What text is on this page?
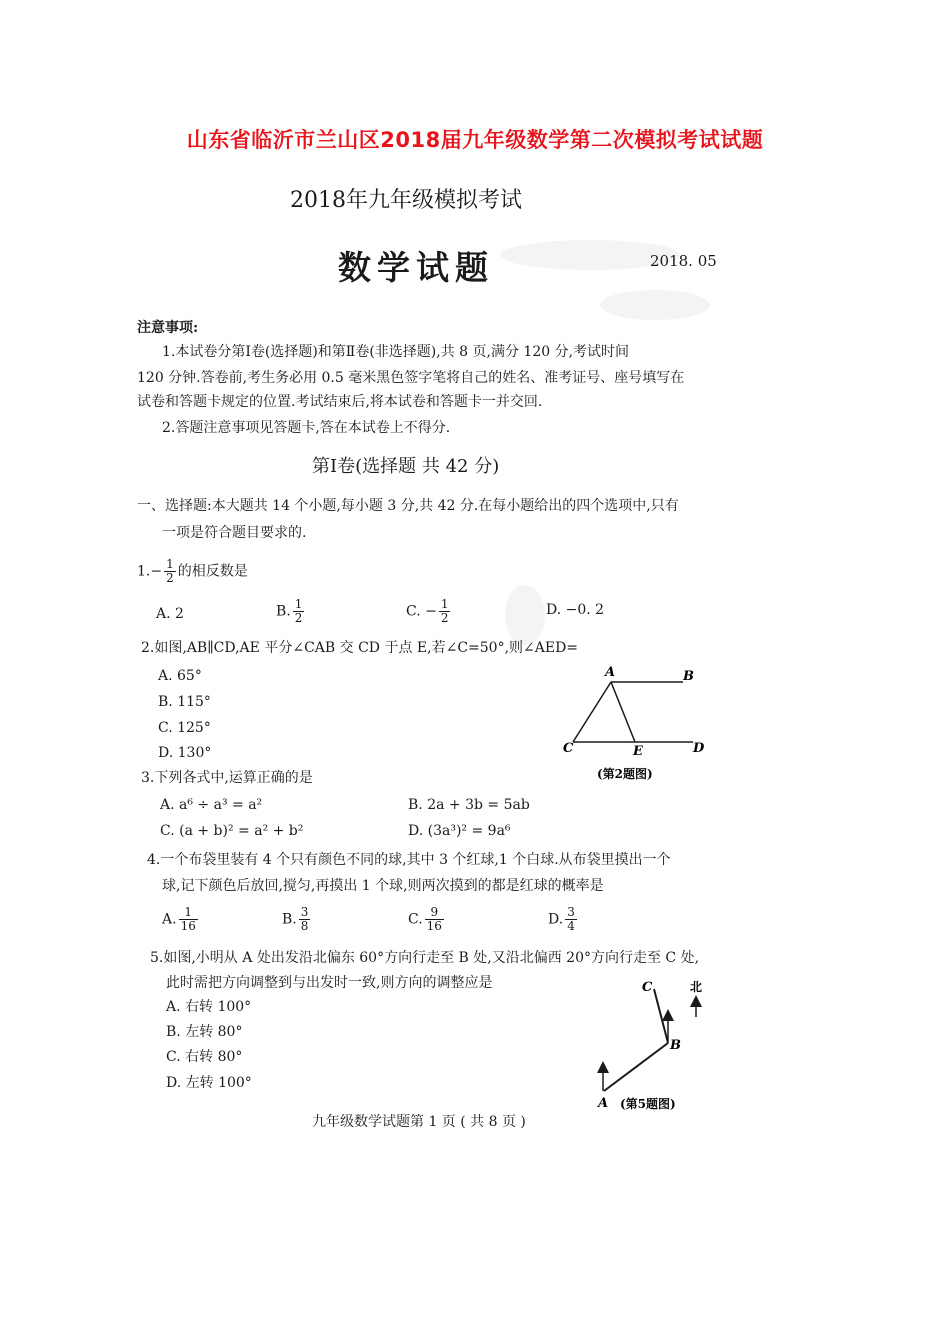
山东省临沂市兰山区2018届九年级数学第二次模拟考试试题
2018年九年级模拟考试
数学试题	2018. 05
注意事项:
1.本试卷分第Ⅰ卷(选择题)和第Ⅱ卷(非选择题),共 8 页,满分 120 分,考试时间
120 分钟.答卷前,考生务必用 0.5 毫米黑色签字笔将自己的姓名、准考证号、座号填写在
试卷和答题卡规定的位置.考试结束后,将本试卷和答题卡一并交回.
2.答题注意事项见答题卡,答在本试卷上不得分.
第Ⅰ卷(选择题 共 42 分)
一、选择题:本大题共 14 个小题,每小题 3 分,共 42 分.在每小题给出的四个选项中,只有
一项是符合题目要求的.
$1.- \frac{1}{2}$ 的相反数是
A. 2	B. $\frac{1}{2}$	C. − $\frac{1}{2}$	D. −0. 2
2.如图,AB∥CD,AE 平分∠CAB 交 CD 于点 E,若∠C=50°,则∠AED=
A. 65°
B. 115°
C. 125°
D. 130°
A	B
C	E	D
(第2题图)
3.下列各式中,运算正确的是
A. a⁶ ÷ a³ = a²	B. 2a + 3b = 5ab
C. (a + b)² = a² + b²	D. (3a³)² = 9a⁶
4.一个布袋里装有 4 个只有颜色不同的球,其中 3 个红球,1 个白球.从布袋里摸出一个
球,记下颜色后放回,搅匀,再摸出 1 个球,则两次摸到的都是红球的概率是
A. $\frac{1}{16}$	B. $\frac{3}{8}$	C. $\frac{9}{16}$	D. $\frac{3}{4}$
5.如图,小明从 A 处出发沿北偏东 60°方向行走至 B 处,又沿北偏西 20°方向行走至 C 处,
此时需把方向调整到与出发时一致,则方向的调整应是
A. 右转 100°
B. 左转 80°
C. 右转 80°
D. 左转 100°
北
C
B
A (第5题图)
九年级数学试题第 1 页 ( 共 8 页 )
